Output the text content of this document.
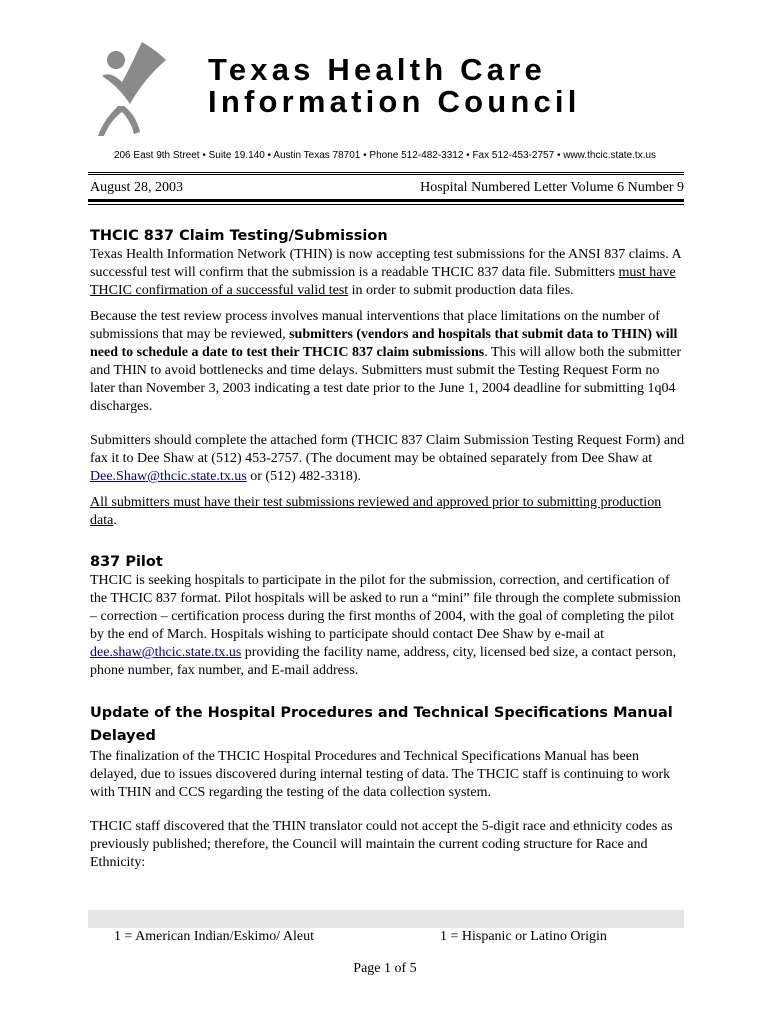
Texas Health Care
Information Council
206 East 9th Street • Suite 19.140 • Austin Texas 78701 • Phone 512-482-3312 • Fax 512-453-2757 • www.thcic.state.tx.us
August 28, 2003	Hospital Numbered Letter Volume 6 Number 9
THCIC 837 Claim Testing/Submission

Texas Health Information Network (THIN) is now accepting test submissions for the ANSI 837 claims. A successful test will confirm that the submission is a readable THCIC 837 data file. Submitters must have THCIC confirmation of a successful valid test in order to submit production data files.

Because the test review process involves manual interventions that place limitations on the number of submissions that may be reviewed, submitters (vendors and hospitals that submit data to THIN) will need to schedule a date to test their THCIC 837 claim submissions. This will allow both the submitter and THIN to avoid bottlenecks and time delays. Submitters must submit the Testing Request Form no later than November 3, 2003 indicating a test date prior to the June 1, 2004 deadline for submitting 1q04 discharges.

Submitters should complete the attached form (THCIC 837 Claim Submission Testing Request Form) and fax it to Dee Shaw at (512) 453-2757. (The document may be obtained separately from Dee Shaw at Dee.Shaw@thcic.state.tx.us or (512) 482-3318).

All submitters must have their test submissions reviewed and approved prior to submitting production data.

837 Pilot

THCIC is seeking hospitals to participate in the pilot for the submission, correction, and certification of the THCIC 837 format. Pilot hospitals will be asked to run a “mini” file through the complete submission – correction – certification process during the first months of 2004, with the goal of completing the pilot by the end of March. Hospitals wishing to participate should contact Dee Shaw by e-mail at dee.shaw@thcic.state.tx.us providing the facility name, address, city, licensed bed size, a contact person, phone number, fax number, and E-mail address.

Update of the Hospital Procedures and Technical Specifications Manual Delayed

The finalization of the THCIC Hospital Procedures and Technical Specifications Manual has been delayed, due to issues discovered during internal testing of data. The THCIC staff is continuing to work with THIN and CCS regarding the testing of the data collection system.

THCIC staff discovered that the THIN translator could not accept the 5-digit race and ethnicity codes as previously published; therefore, the Council will maintain the current coding structure for Race and Ethnicity:

1 = American Indian/Eskimo/ Aleut	1 = Hispanic or Latino Origin
Page 1 of 5
